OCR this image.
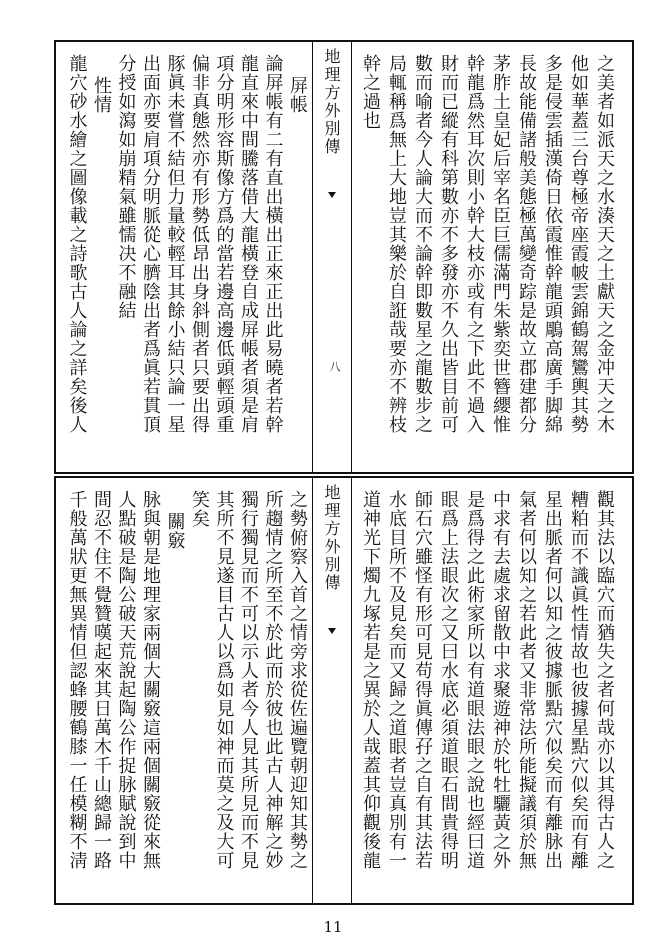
之美者如派天之水湊天之土獻天之金冲天之木
他如華蓋三台尊極帝座霞帔雲錦鶴駕鸞輿其勢
多是侵雲插漢倚日依霞惟幹龍頭鵰高廣手脚綿
長故能備諸般美態極萬變奇踪是故立郡建都分
茅胙土皇妃后宰名臣巨儒滿門朱紫奕世簪纓惟
幹龍爲然耳次則小幹大枝亦或有之下此不過入
財而已縱有科第數亦不多發亦不久出皆目前可
數而喻者今人論大而不論幹即數星之龍數步之
局輒稱爲無上大地豈其樂於自誑哉要亦不辨枝
幹之過也
地理方外別傳
八
屏帳
論屏帳有二有直出橫出正來正出此易曉者若幹
龍直來中間騰落借大龍橫登自成屏帳者須是肩
項分明形容斯像方爲的當若邊高邊低頭輕頭重
偏非真態然亦有形勢低昂出身斜側者只要出得
豚眞未嘗不結但力量較輕耳其餘小結只論一星
出面亦要肩項分明脈從心臍陰出者爲眞若貫頂
分授如瀉如崩精氣雖懦决不融結
性情
龍穴砂水繪之圖像載之詩歌古人論之詳矣後人
觀其法以臨穴而猶失之者何哉亦以其得古人之
糟粕而不識眞性情故也彼據星點穴似矣而有離
星出脈者何以知之彼據脈點穴似矣而有離脉出
氣者何以知之若此者又非常法所能擬議須於無
中求有去處求留散中求聚遊神於牝牡驪黃之外
是爲得之此術家所以有道眼法眼之說也經曰道
眼爲上法眼次之又曰水底必須道眼石間貴得明
師石穴雖怪有形可見苟得眞傳孖之自有其法若
水底目所不及見矣而又歸之道眼者豈真別有一
道神光下燭九塚若是之異於人哉蓋其仰觀後龍
地理方外別傳
之勢俯察入首之情旁求從佐遍覽朝迎知其勢之
所趨情之所至不於此而於彼也此古人神解之妙
獨行獨見而不可以示人者今人見其所見而不見
其所不見遂目古人以爲如見如神而莫之及大可
笑矣
關竅
脉與朝是地理家兩個大關竅這兩個關竅從來無
人點破是陶公破天荒說起陶公作捉脉賦說到中
間忍不住不覺贊嘆起來其日萬木千山總歸一路
千般萬狀更無異情但認蜂腰鶴膝一任模糊不淸
11
